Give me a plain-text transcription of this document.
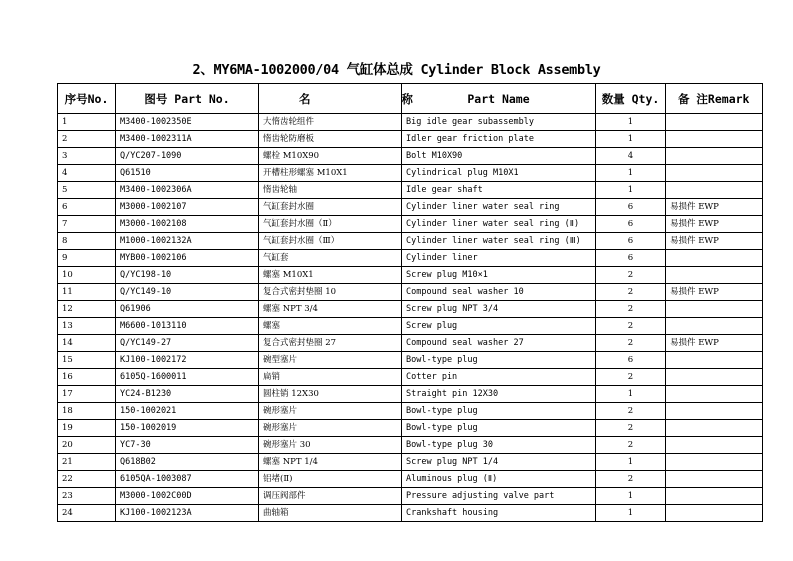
2、MY6MA-1002000/04 气缸体总成 Cylinder Block Assembly
序号No.	图号 Part No.	名 称	Part Name	数量 Qty.	备 注Remark
1	M3400-1002350E	大惰齿轮组件	Big idle gear subassembly	1	
2	M3400-1002311A	惰齿轮防磨板	Idler gear friction plate	1	
3	Q/YC207-1090	螺栓 M10X90	Bolt M10X90	4	
4	Q61510	开槽柱形螺塞 M10X1	Cylindrical plug M10X1	1	
5	M3400-1002306A	惰齿轮轴	Idle gear shaft	1	
6	M3000-1002107	气缸套封水圈	Cylinder liner water seal ring	6	易损件 EWP
7	M3000-1002108	气缸套封水圈（Ⅱ）	Cylinder liner water seal ring (Ⅱ)	6	易损件 EWP
8	M1000-1002132A	气缸套封水圈（Ⅲ）	Cylinder liner water seal ring (Ⅲ)	6	易损件 EWP
9	MYB00-1002106	气缸套	Cylinder liner	6	
10	Q/YC198-10	螺塞 M10X1	Screw plug M10×1	2	
11	Q/YC149-10	复合式密封垫圈 10	Compound seal washer 10	2	易损件 EWP
12	Q61906	螺塞 NPT 3/4	Screw plug NPT 3/4	2	
13	M6600-1013110	螺塞	Screw plug	2	
14	Q/YC149-27	复合式密封垫圈 27	Compound seal washer 27	2	易损件 EWP
15	KJ100-1002172	碗型塞片	Bowl-type plug	6	
16	6105Q-1600011	扁销	Cotter pin	2	
17	YC24-B1230	圆柱销 12X30	Straight pin 12X30	1	
18	150-1002021	碗形塞片	Bowl-type plug	2	
19	150-1002019	碗形塞片	Bowl-type plug	2	
20	YC7-30	碗形塞片 30	Bowl-type plug 30	2	
21	Q618B02	螺塞 NPT 1/4	Screw plug NPT 1/4	1	
22	6105QA-1003087	铝堵(Ⅱ)	Aluminous plug (Ⅱ)	2	
23	M3000-1002C00D	调压阀部件	Pressure adjusting valve part	1	
24	KJ100-1002123A	曲轴箱	Crankshaft housing	1	
